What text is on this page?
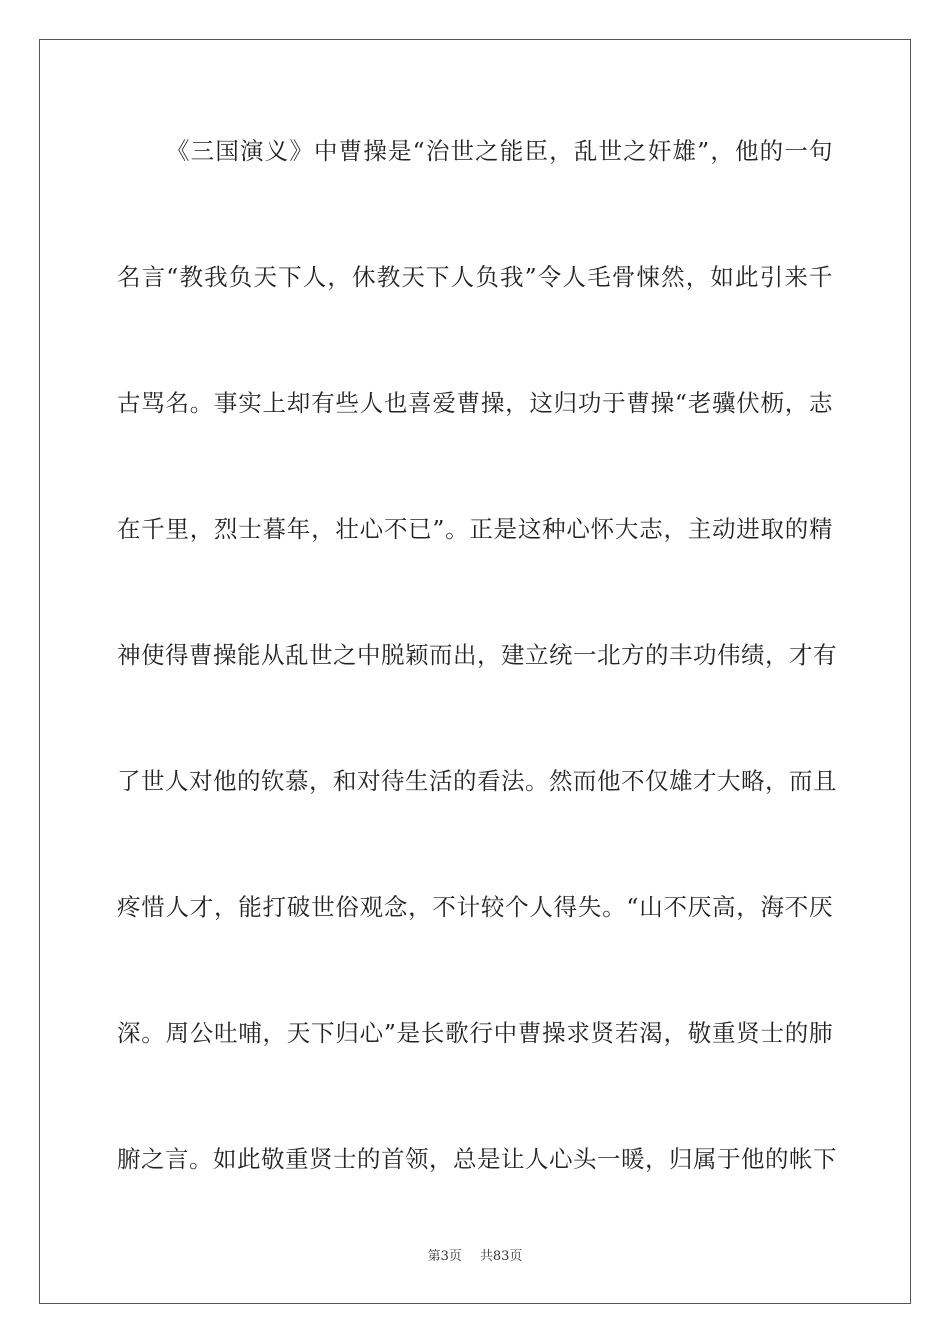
《三国演义》中曹操是“治世之能臣，乱世之奸雄”，他的一句
名言“教我负天下人，休教天下人负我”令人毛骨悚然，如此引来千
古骂名。事实上却有些人也喜爱曹操，这归功于曹操“老骥伏枥，志
在千里，烈士暮年，壮心不已”。正是这种心怀大志，主动进取的精
神使得曹操能从乱世之中脱颖而出，建立统一北方的丰功伟绩，才有
了世人对他的钦慕，和对待生活的看法。然而他不仅雄才大略，而且
疼惜人才，能打破世俗观念，不计较个人得失。“山不厌高，海不厌
深。周公吐哺，天下归心”是长歌行中曹操求贤若渴，敬重贤士的肺
腑之言。如此敬重贤士的首领，总是让人心头一暖，归属于他的帐下
第3页 共83页
